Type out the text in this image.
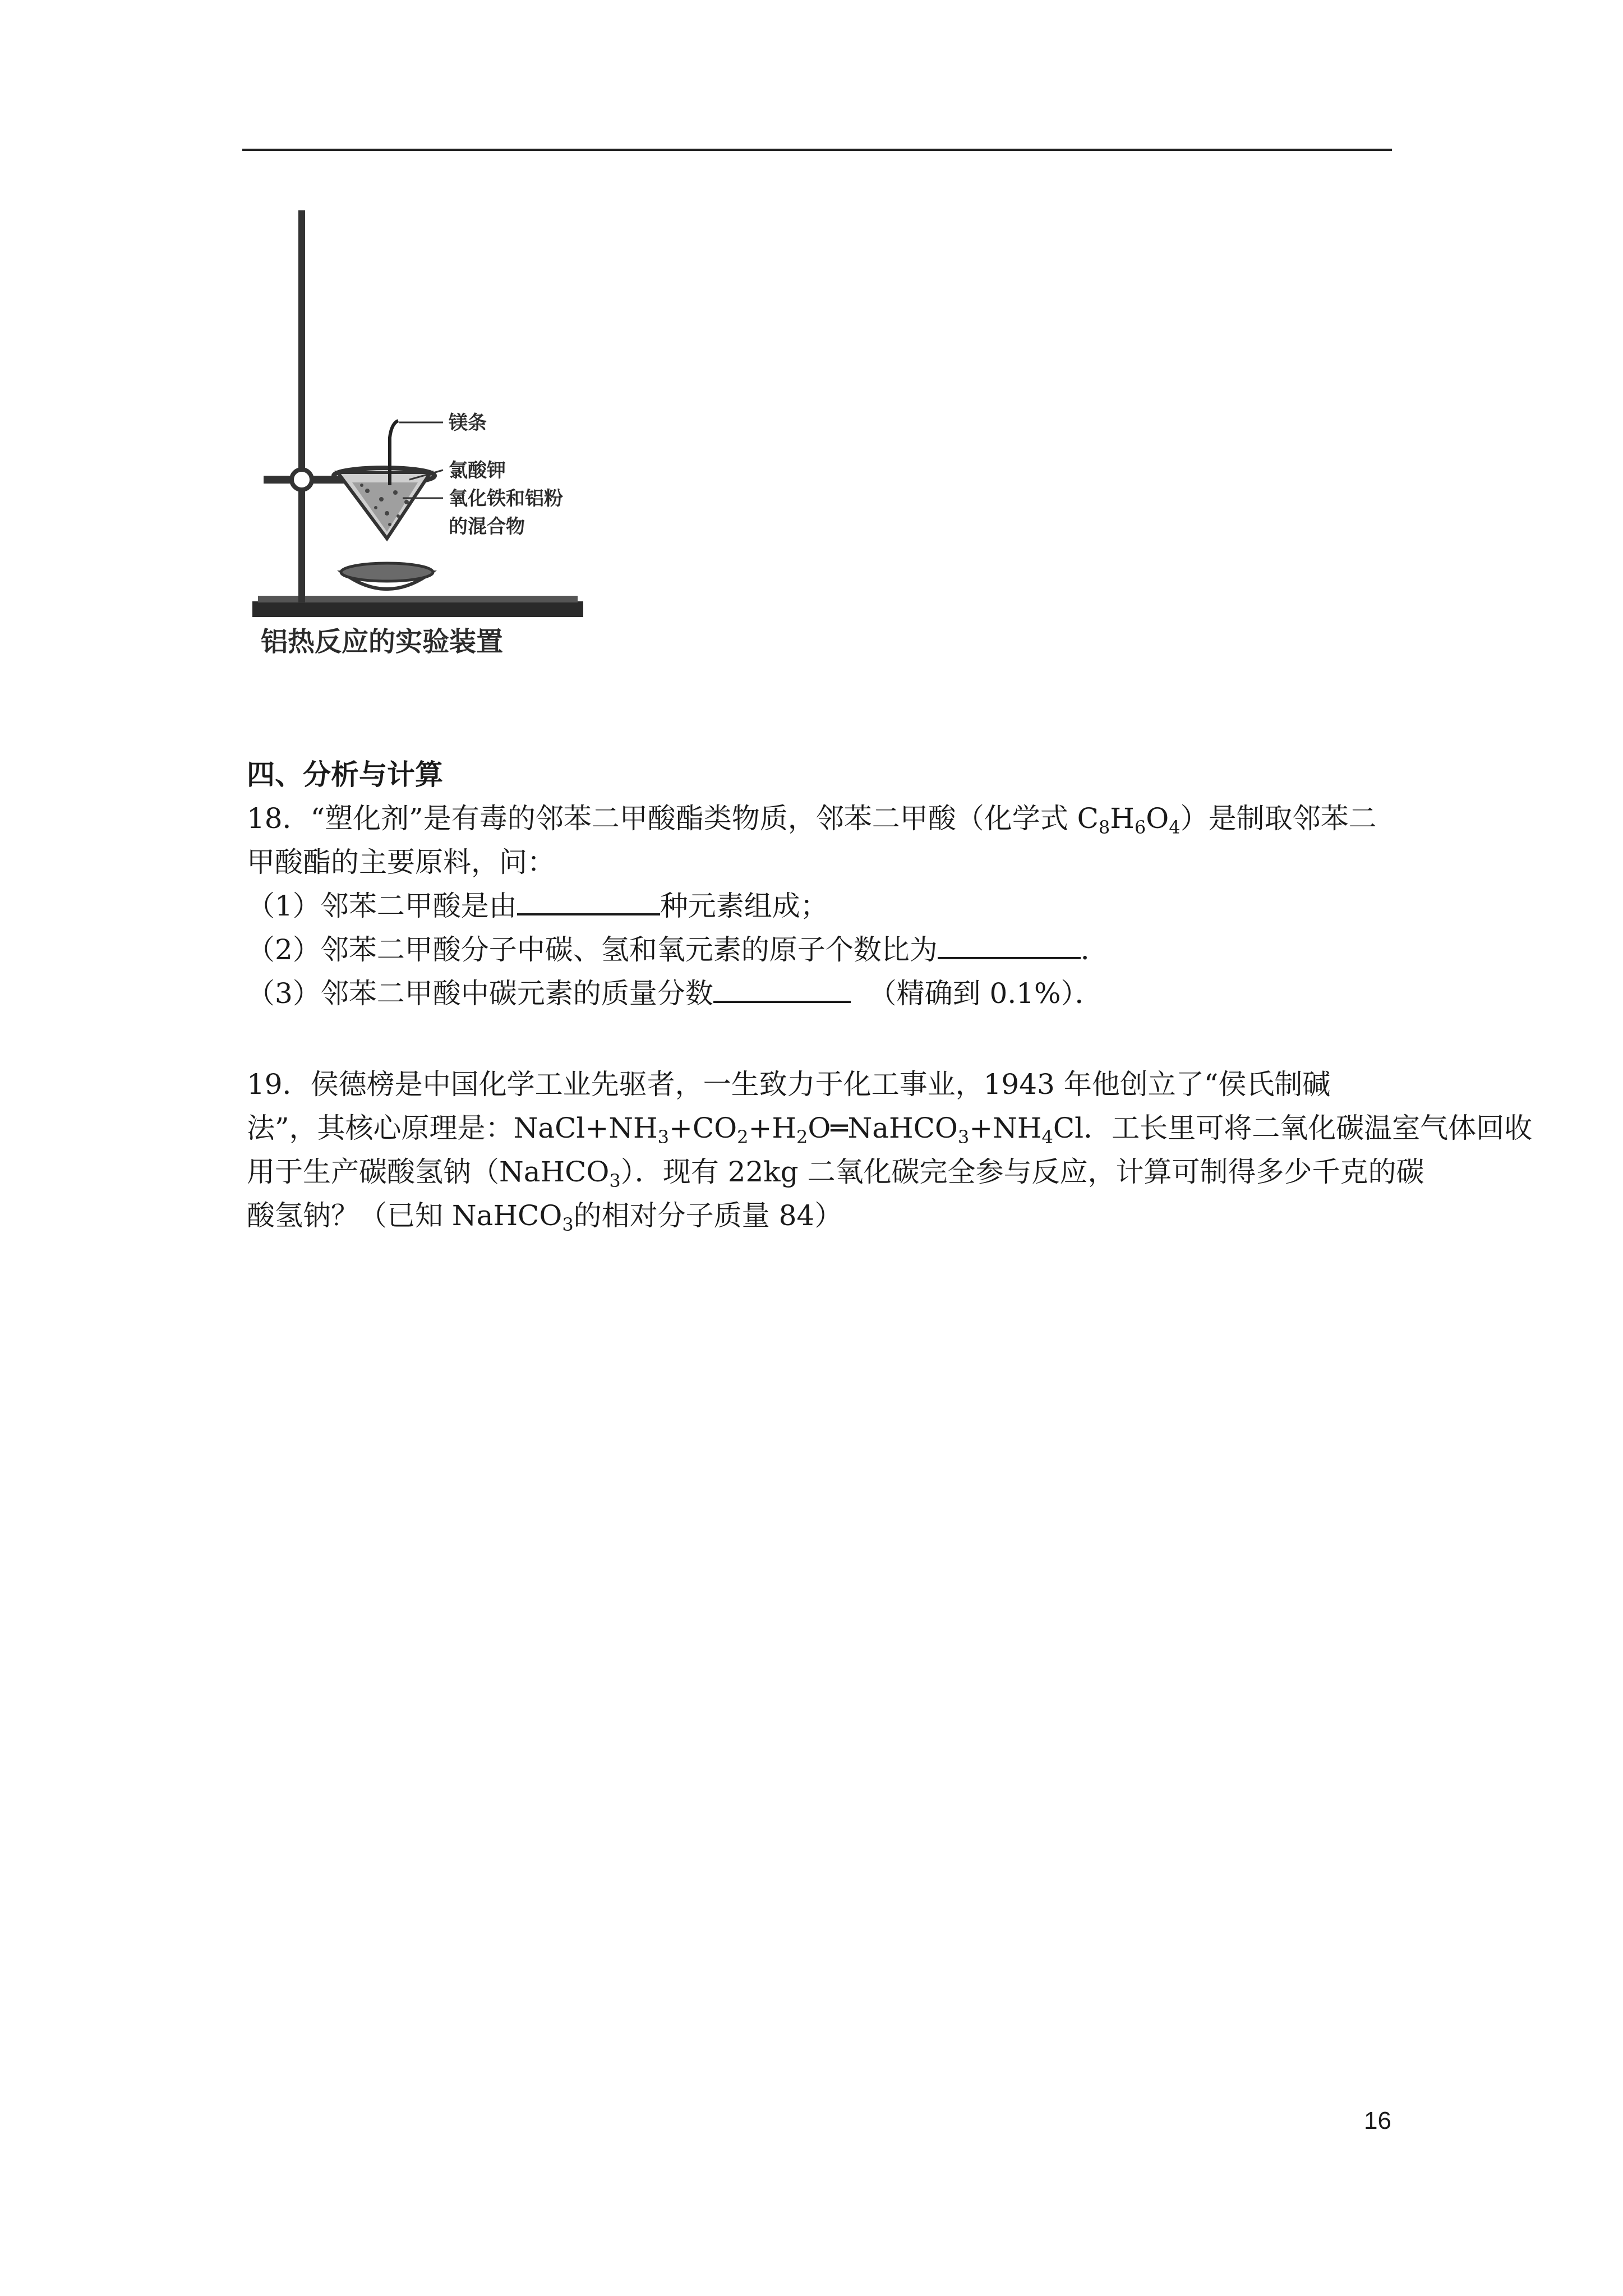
镁条
氯酸钾
氧化铁和铝粉
的混合物
铝热反应的实验装置

四、分析与计算

18．“塑化剂”是有毒的邻苯二甲酸酯类物质，邻苯二甲酸（化学式 $C_8H_6O_4$）是制取邻苯二

甲酸酯的主要原料，问：

（1）邻苯二甲酸是由	种元素组成；

（2）邻苯二甲酸分子中碳、氢和氧元素的原子个数比为	．

（3）邻苯二甲酸中碳元素的质量分数	（精确到 0.1%）．

19．侯德榜是中国化学工业先驱者，一生致力于化工事业，1943 年他创立了“侯氏制碱

法”，其核心原理是：$NaCl+NH_3+CO_2+H_2O═NaHCO_3+NH_4Cl$．工长里可将二氧化碳温室气体回收

用于生产碳酸氢钠（NaHCO$_3$）．现有 22kg 二氧化碳完全参与反应，计算可制得多少千克的碳

酸氢钠？（已知 NaHCO$_3$的相对分子质量 84）

16
